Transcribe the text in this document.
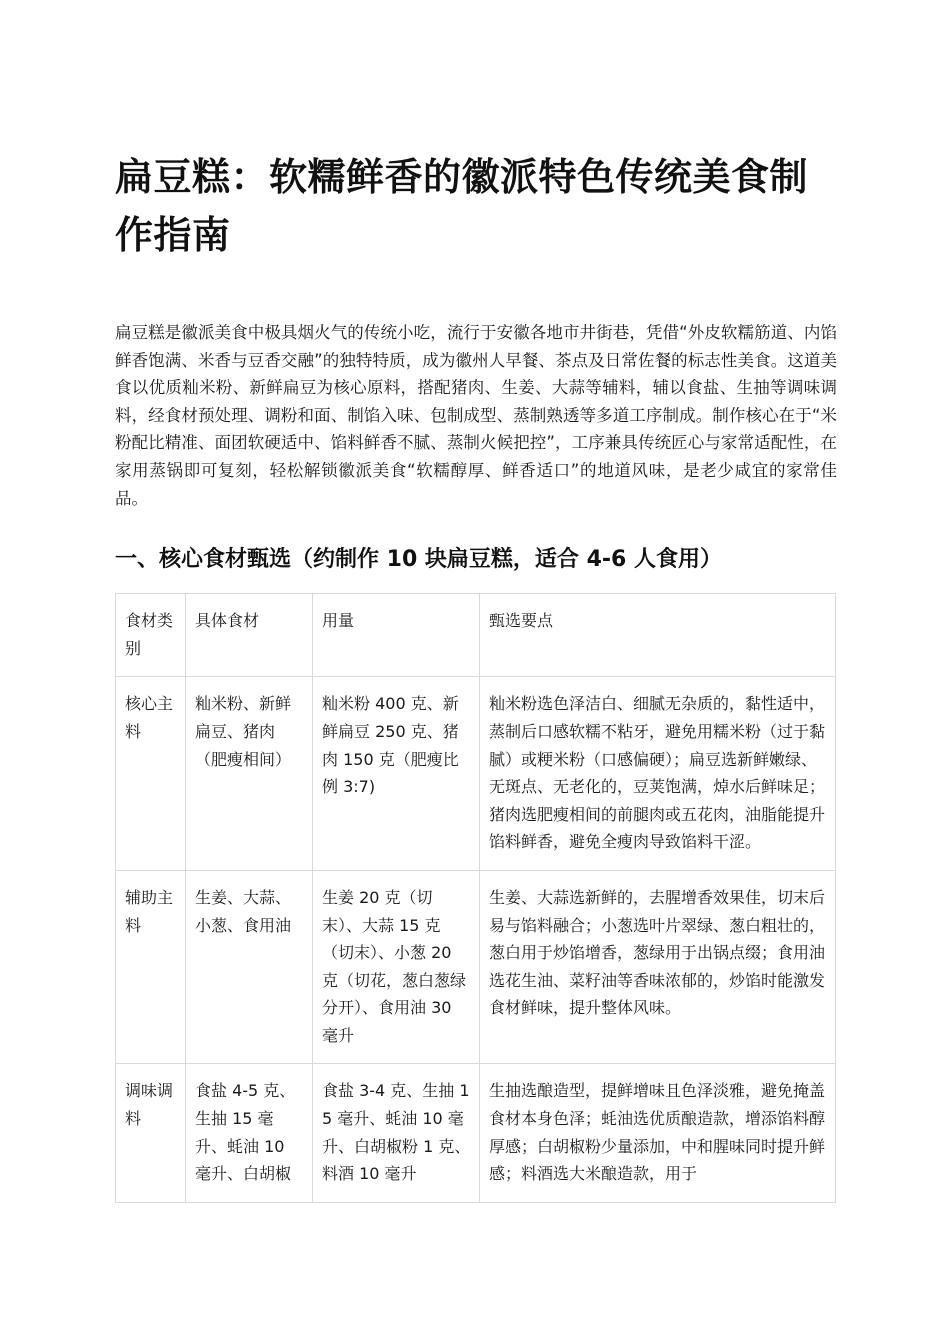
扁豆糕：软糯鲜香的徽派特色传统美食制作指南

扁豆糕是徽派美食中极具烟火气的传统小吃，流行于安徽各地市井街巷，凭借“外皮软糯筋道、内馅鲜香饱满、米香与豆香交融”的独特特质，成为徽州人早餐、茶点及日常佐餐的标志性美食。这道美食以优质籼米粉、新鲜扁豆为核心原料，搭配猪肉、生姜、大蒜等辅料，辅以食盐、生抽等调味调料，经食材预处理、调粉和面、制馅入味、包制成型、蒸制熟透等多道工序制成。制作核心在于“米粉配比精准、面团软硬适中、馅料鲜香不腻、蒸制火候把控”，工序兼具传统匠心与家常适配性，在家用蒸锅即可复刻，轻松解锁徽派美食“软糯醇厚、鲜香适口”的地道风味，是老少咸宜的家常佳品。

一、核心食材甄选（约制作 10 块扁豆糕，适合 4-6 人食用）
食材类别	具体食材	用量	甄选要点
核心主料	籼米粉、新鲜扁豆、猪肉（肥瘦相间）	籼米粉 400 克、新鲜扁豆 250 克、猪肉 150 克（肥瘦比例 3:7)	籼米粉选色泽洁白、细腻无杂质的，黏性适中，蒸制后口感软糯不粘牙，避免用糯米粉（过于黏腻）或粳米粉（口感偏硬）；扁豆选新鲜嫩绿、无斑点、无老化的，豆荚饱满，焯水后鲜味足；猪肉选肥瘦相间的前腿肉或五花肉，油脂能提升馅料鲜香，避免全瘦肉导致馅料干涩。
辅助主料	生姜、大蒜、小葱、食用油	生姜 20 克（切末）、大蒜 15 克（切末）、小葱 20 克（切花，葱白葱绿分开）、食用油 30 毫升	生姜、大蒜选新鲜的，去腥增香效果佳，切末后易与馅料融合；小葱选叶片翠绿、葱白粗壮的，葱白用于炒馅增香，葱绿用于出锅点缀；食用油选花生油、菜籽油等香味浓郁的，炒馅时能激发食材鲜味，提升整体风味。
调味调料	食盐 4-5 克、生抽 15 毫升、蚝油 10 毫升、白胡椒	食盐 3-4 克、生抽 15 毫升、蚝油 10 毫升、白胡椒粉 1 克、料酒 10 毫升	生抽选酿造型，提鲜增味且色泽淡雅，避免掩盖食材本身色泽；蚝油选优质酿造款，增添馅料醇厚感；白胡椒粉少量添加，中和腥味同时提升鲜感；料酒选大米酿造款，用于
